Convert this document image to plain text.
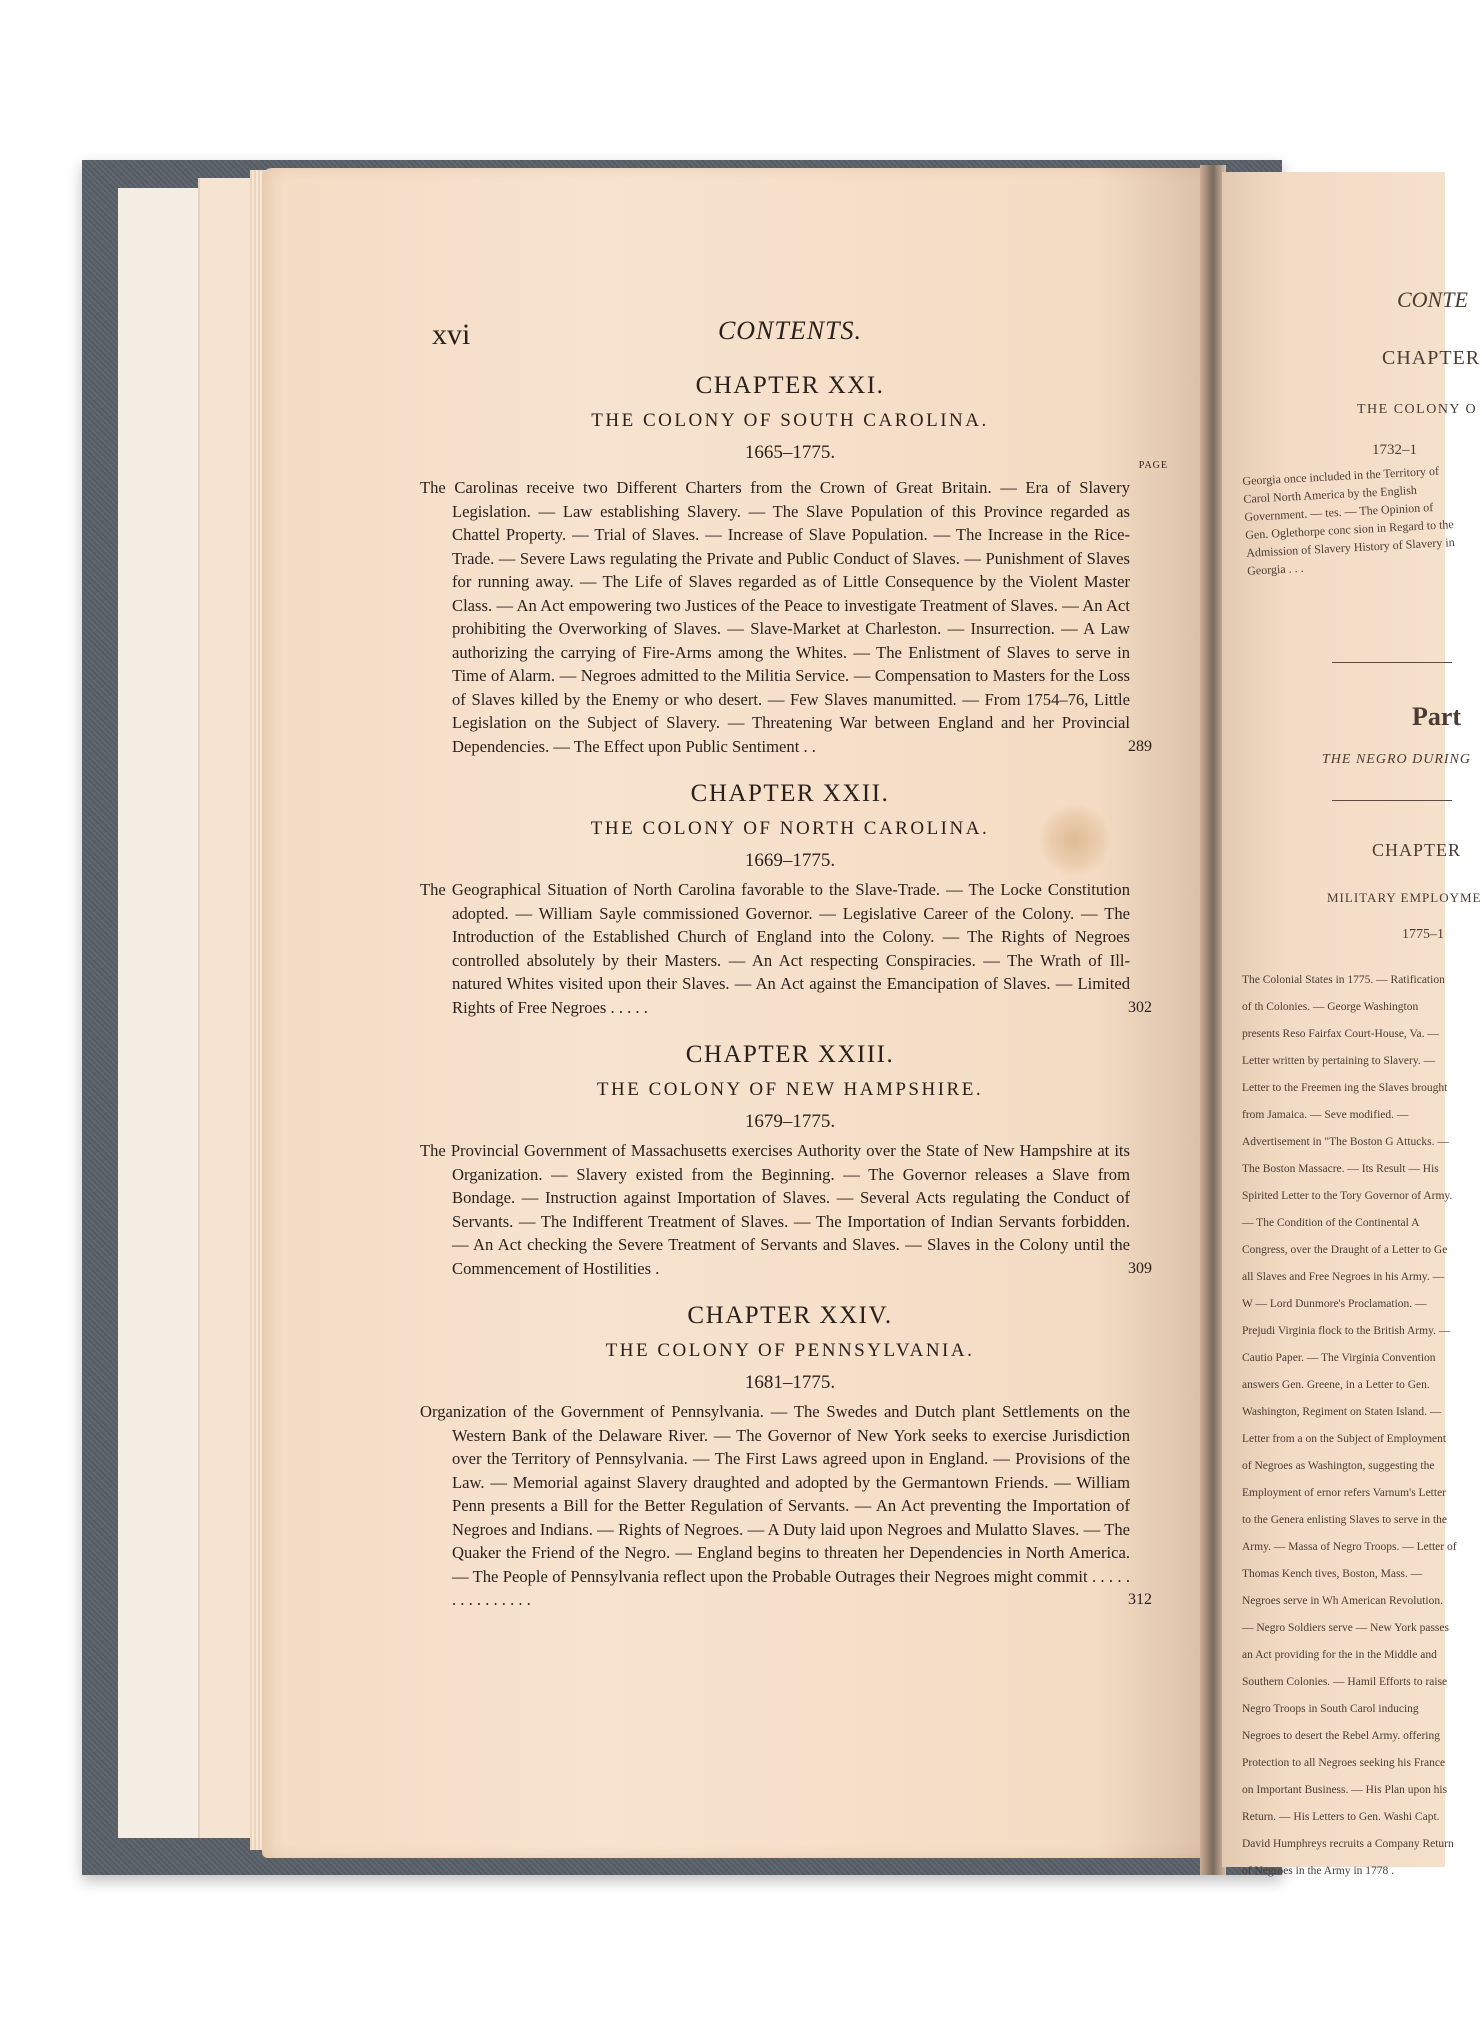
xvi	CONTENTS.
CHAPTER XXI.
THE COLONY OF SOUTH CAROLINA.
1665–1775.
PAGE
The Carolinas receive two Different Charters from the Crown of Great Britain. — Era of Slavery Legislation. — Law establishing Slavery. — The Slave Population of this Province regarded as Chattel Property. — Trial of Slaves. — Increase of Slave Population. — The Increase in the Rice-Trade. — Severe Laws regulating the Private and Public Conduct of Slaves. — Punishment of Slaves for running away. — The Life of Slaves regarded as of Little Consequence by the Violent Master Class. — An Act empowering two Justices of the Peace to investigate Treatment of Slaves. — An Act prohibiting the Overworking of Slaves. — Slave-Market at Charleston. — Insurrection. — A Law authorizing the carrying of Fire-Arms among the Whites. — The Enlistment of Slaves to serve in Time of Alarm. — Negroes admitted to the Militia Service. — Compensation to Masters for the Loss of Slaves killed by the Enemy or who desert. — Few Slaves manumitted. — From 1754–76, Little Legislation on the Subject of Slavery. — Threatening War between England and her Provincial Dependencies. — The Effect upon Public Sentiment . .	289
CHAPTER XXII.
THE COLONY OF NORTH CAROLINA.
1669–1775.
The Geographical Situation of North Carolina favorable to the Slave-Trade. — The Locke Constitution adopted. — William Sayle commissioned Governor. — Legislative Career of the Colony. — The Introduction of the Established Church of England into the Colony. — The Rights of Negroes controlled absolutely by their Masters. — An Act respecting Conspiracies. — The Wrath of Ill-natured Whites visited upon their Slaves. — An Act against the Emancipation of Slaves. — Limited Rights of Free Negroes . . . . .	302
CHAPTER XXIII.
THE COLONY OF NEW HAMPSHIRE.
1679–1775.
The Provincial Government of Massachusetts exercises Authority over the State of New Hampshire at its Organization. — Slavery existed from the Beginning. — The Governor releases a Slave from Bondage. — Instruction against Importation of Slaves. — Several Acts regulating the Conduct of Servants. — The Indifferent Treatment of Slaves. — The Importation of Indian Servants forbidden. — An Act checking the Severe Treatment of Servants and Slaves. — Slaves in the Colony until the Commencement of Hostilities .	309
CHAPTER XXIV.
THE COLONY OF PENNSYLVANIA.
1681–1775.
Organization of the Government of Pennsylvania. — The Swedes and Dutch plant Settlements on the Western Bank of the Delaware River. — The Governor of New York seeks to exercise Jurisdiction over the Territory of Pennsylvania. — The First Laws agreed upon in England. — Provisions of the Law. — Memorial against Slavery draughted and adopted by the Germantown Friends. — William Penn presents a Bill for the Better Regulation of Servants. — An Act preventing the Importation of Negroes and Indians. — Rights of Negroes. — A Duty laid upon Negroes and Mulatto Slaves. — The Quaker the Friend of the Negro. — England begins to threaten her Dependencies in North America. — The People of Pennsylvania reflect upon the Probable Outrages their Negroes might commit . . . . . . . . . . . . . . .	312
CONTE
CHAPTER
THE COLONY O
1732–1
Georgia once included in the Territory of Carol North America by the English Government. — tes. — The Opinion of Gen. Oglethorpe conc sion in Regard to the Admission of Slavery History of Slavery in Georgia . . .
Part
THE NEGRO DURING
CHAPTER
MILITARY EMPLOYME
1775–1
The Colonial States in 1775. — Ratification of th Colonies. — George Washington presents Reso Fairfax Court-House, Va. — Letter written by pertaining to Slavery. — Letter to the Freemen ing the Slaves brought from Jamaica. — Seve modified. — Advertisement in "The Boston G Attucks. — The Boston Massacre. — Its Result — His Spirited Letter to the Tory Governor of Army. — The Condition of the Continental A Congress, over the Draught of a Letter to Ge all Slaves and Free Negroes in his Army. — W — Lord Dunmore's Proclamation. — Prejudi Virginia flock to the British Army. — Cautio Paper. — The Virginia Convention answers Gen. Greene, in a Letter to Gen. Washington, Regiment on Staten Island. — Letter from a on the Subject of Employment of Negroes as Washington, suggesting the Employment of ernor refers Varnum's Letter to the Genera enlisting Slaves to serve in the Army. — Massa of Negro Troops. — Letter of Thomas Kench tives, Boston, Mass. — Negroes serve in Wh American Revolution. — Negro Soldiers serve — New York passes an Act providing for the in the Middle and Southern Colonies. — Hamil Efforts to raise Negro Troops in South Carol inducing Negroes to desert the Rebel Army. offering Protection to all Negroes seeking his France on Important Business. — His Plan upon his Return. — His Letters to Gen. Washi Capt. David Humphreys recruits a Company Return of Negroes in the Army in 1778 .
